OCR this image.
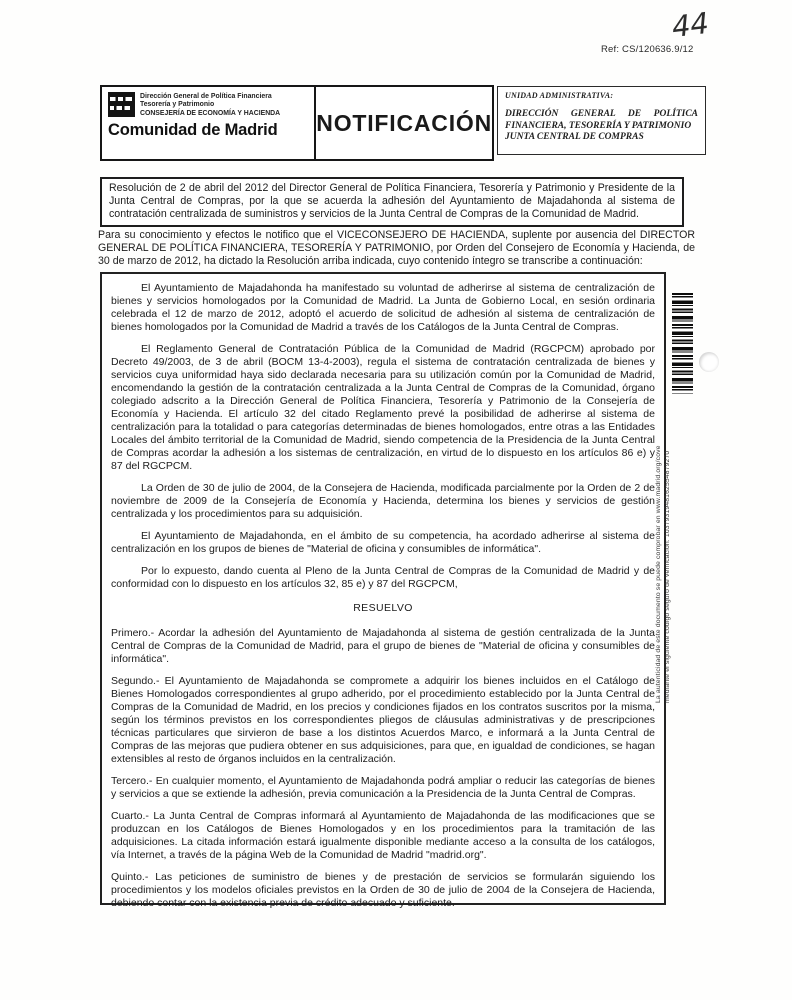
Ref: CS/120636.9/12
44
Dirección General de Política Financiera
Tesorería y Patrimonio
CONSEJERÍA DE ECONOMÍA Y HACIENDA
Comunidad de Madrid	NOTIFICACIÓN
UNIDAD ADMINISTRATIVA:
DIRECCIÓN GENERAL DE POLÍTICA FINANCIERA, TESORERÍA Y PATRIMONIO
JUNTA CENTRAL DE COMPRAS
Resolución de 2 de abril del 2012 del Director General de Política Financiera, Tesorería y Patrimonio y Presidente de la Junta Central de Compras, por la que se acuerda la adhesión del Ayuntamiento de Majadahonda al sistema de contratación centralizada de suministros y servicios de la Junta Central de Compras de la Comunidad de Madrid.
Para su conocimiento y efectos le notifico que el VICECONSEJERO DE HACIENDA, suplente por ausencia del DIRECTOR GENERAL DE POLÍTICA FINANCIERA, TESORERÍA Y PATRIMONIO, por Orden del Consejero de Economía y Hacienda, de 30 de marzo de 2012, ha dictado la Resolución arriba indicada, cuyo contenido íntegro se transcribe a continuación:

El Ayuntamiento de Majadahonda ha manifestado su voluntad de adherirse al sistema de centralización de bienes y servicios homologados por la Comunidad de Madrid. La Junta de Gobierno Local, en sesión ordinaria celebrada el 12 de marzo de 2012, adoptó el acuerdo de solicitud de adhesión al sistema de centralización de bienes homologados por la Comunidad de Madrid a través de los Catálogos de la Junta Central de Compras.

El Reglamento General de Contratación Pública de la Comunidad de Madrid (RGCPCM) aprobado por Decreto 49/2003, de 3 de abril (BOCM 13-4-2003), regula el sistema de contratación centralizada de bienes y servicios cuya uniformidad haya sido declarada necesaria para su utilización común por la Comunidad de Madrid, encomendando la gestión de la contratación centralizada a la Junta Central de Compras de la Comunidad, órgano colegiado adscrito a la Dirección General de Política Financiera, Tesorería y Patrimonio de la Consejería de Economía y Hacienda. El artículo 32 del citado Reglamento prevé la posibilidad de adherirse al sistema de centralización para la totalidad o para categorías determinadas de bienes homologados, entre otras a las Entidades Locales del ámbito territorial de la Comunidad de Madrid, siendo competencia de la Presidencia de la Junta Central de Compras acordar la adhesión a los sistemas de centralización, en virtud de lo dispuesto en los artículos 86 e) y 87 del RGCPCM.

La Orden de 30 de julio de 2004, de la Consejera de Hacienda, modificada parcialmente por la Orden de 2 de noviembre de 2009 de la Consejería de Economía y Hacienda, determina los bienes y servicios de gestión centralizada y los procedimientos para su adquisición.

El Ayuntamiento de Majadahonda, en el ámbito de su competencia, ha acordado adherirse al sistema de centralización en los grupos de bienes de "Material de oficina y consumibles de informática".

Por lo expuesto, dando cuenta al Pleno de la Junta Central de Compras de la Comunidad de Madrid y de conformidad con lo dispuesto en los artículos 32, 85 e) y 87 del RGCPCM,

RESUELVO

Primero.- Acordar la adhesión del Ayuntamiento de Majadahonda al sistema de gestión centralizada de la Junta Central de Compras de la Comunidad de Madrid, para el grupo de bienes de "Material de oficina y consumibles de informática".

Segundo.- El Ayuntamiento de Majadahonda se compromete a adquirir los bienes incluidos en el Catálogo de Bienes Homologados correspondientes al grupo adherido, por el procedimiento establecido por la Junta Central de Compras de la Comunidad de Madrid, en los precios y condiciones fijados en los contratos suscritos por la misma, según los términos previstos en los correspondientes pliegos de cláusulas administrativas y de prescripciones técnicas particulares que sirvieron de base a los distintos Acuerdos Marco, e informará a la Junta Central de Compras de las mejoras que pudiera obtener en sus adquisiciones, para que, en igualdad de condiciones, se hagan extensibles al resto de órganos incluidos en la centralización.

Tercero.- En cualquier momento, el Ayuntamiento de Majadahonda podrá ampliar o reducir las categorías de bienes y servicios a que se extiende la adhesión, previa comunicación a la Presidencia de la Junta Central de Compras.

Cuarto.- La Junta Central de Compras informará al Ayuntamiento de Majadahonda de las modificaciones que se produzcan en los Catálogos de Bienes Homologados y en los procedimientos para la tramitación de las adquisiciones. La citada información estará igualmente disponible mediante acceso a la consulta de los catálogos, vía Internet, a través de la página Web de la Comunidad de Madrid "madrid.org".

Quinto.- Las peticiones de suministro de bienes y de prestación de servicios se formularán siguiendo los procedimientos y los modelos oficiales previstos en la Orden de 30 de julio de 2004 de la Consejera de Hacienda, debiendo contar con la existencia previa de crédito adecuado y suficiente.

La autenticidad de este documento se puede comprobar en www.madrid.org/cove mediante el siguiente código seguro de verificación: 1037931948162554879270
